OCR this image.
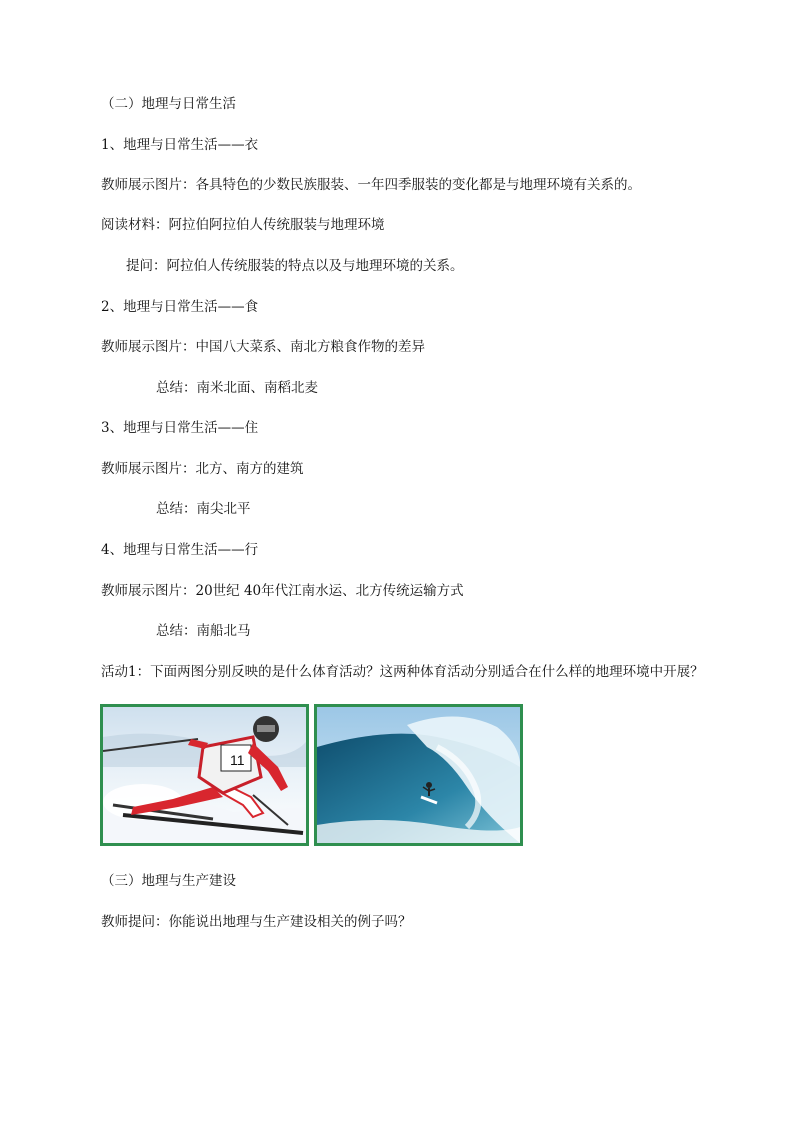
（二）地理与日常生活
1、地理与日常生活——衣
教师展示图片：各具特色的少数民族服装、一年四季服装的变化都是与地理环境有关系的。
阅读材料：阿拉伯阿拉伯人传统服装与地理环境
提问：阿拉伯人传统服装的特点以及与地理环境的关系。
2、地理与日常生活——食
教师展示图片：中国八大菜系、南北方粮食作物的差异
总结：南米北面、南稻北麦
3、地理与日常生活——住
教师展示图片：北方、南方的建筑
总结：南尖北平
4、地理与日常生活——行
教师展示图片：20世纪 40年代江南水运、北方传统运输方式
总结：南船北马
活动1：下面两图分别反映的是什么体育活动？这两种体育活动分别适合在什么样的地理环境中开展？
11
（三）地理与生产建设
教师提问：你能说出地理与生产建设相关的例子吗？
